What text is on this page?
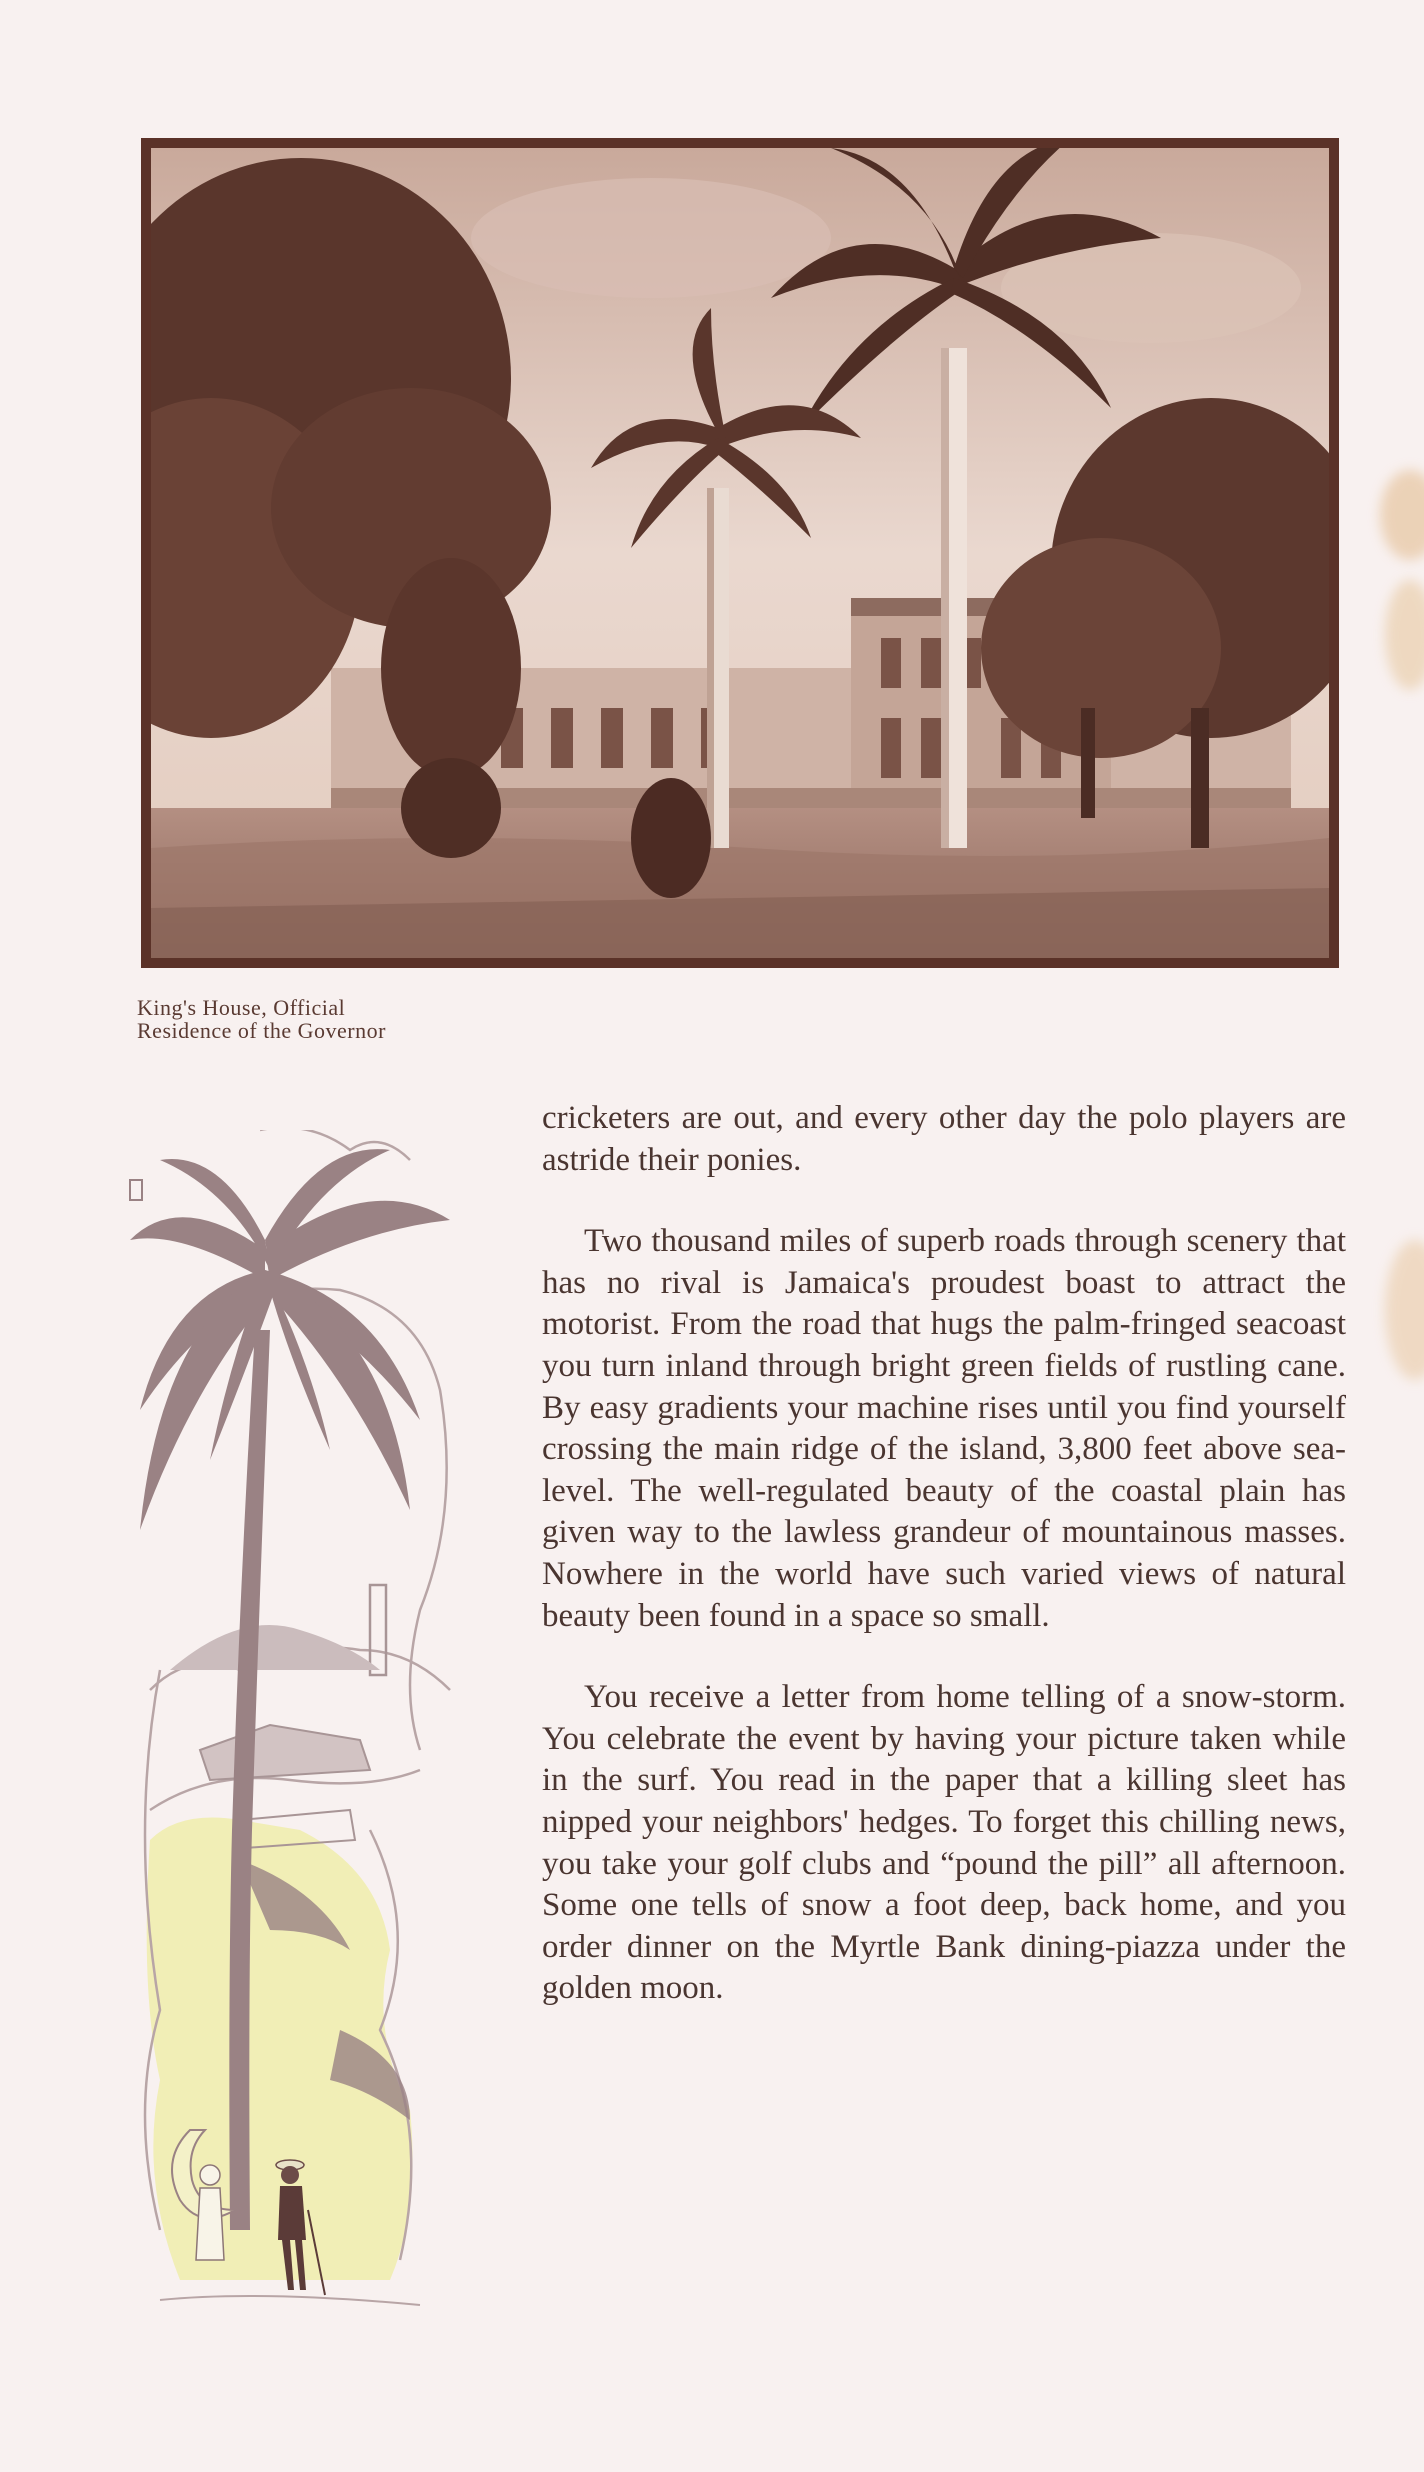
King's House, Official
Residence of the Governor

cricketers are out, and every other day the polo players are astride their ponies.

Two thousand miles of superb roads through scenery that has no rival is Jamaica's proudest boast to attract the motorist. From the road that hugs the palm-fringed seacoast you turn inland through bright green fields of rustling cane. By easy gradients your machine rises until you find yourself crossing the main ridge of the island, 3,800 feet above sea-level. The well-regulated beauty of the coastal plain has given way to the lawless grandeur of mountainous masses. Nowhere in the world have such varied views of natural beauty been found in a space so small.

You receive a letter from home telling of a snow-storm. You celebrate the event by having your picture taken while in the surf. You read in the paper that a killing sleet has nipped your neighbors' hedges. To forget this chilling news, you take your golf clubs and “pound the pill” all afternoon. Some one tells of snow a foot deep, back home, and you order dinner on the Myrtle Bank dining-piazza under the golden moon.
